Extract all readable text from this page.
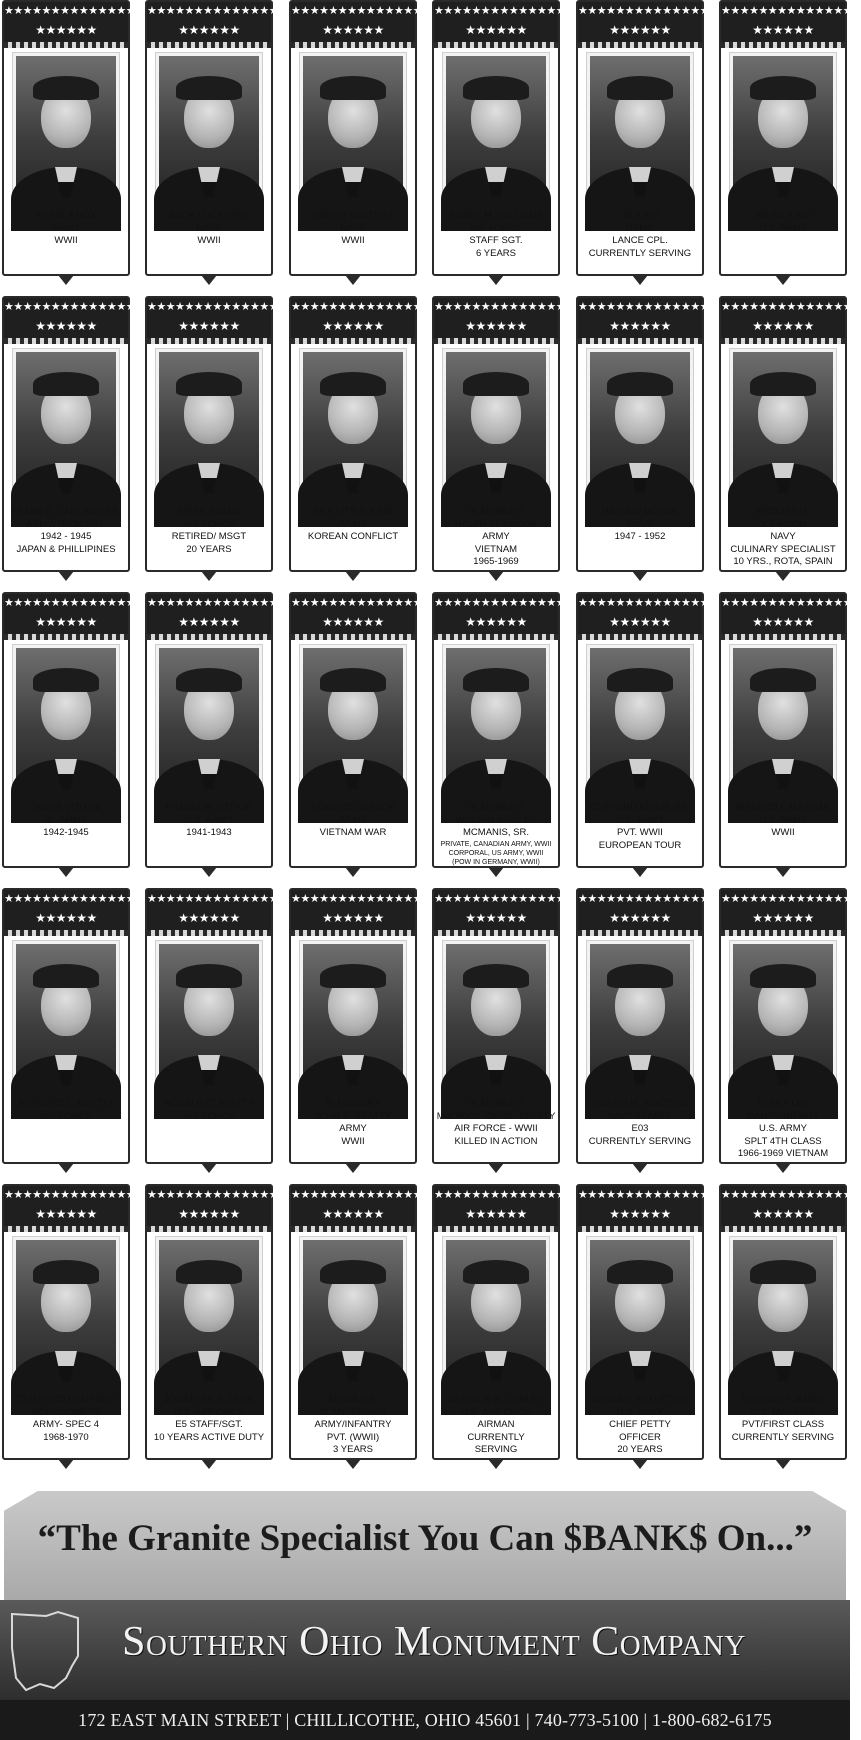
★★★★★★★★★★★★★★★
★★★★★★
PEARL KNOX
ARMY
WWII
★★★★★★★★★★★★★★★
★★★★★★
BUCK LOCKHART
NAVY
WWII
★★★★★★★★★★★★★★★
★★★★★★
HIBERT WINTERS
NAVY
WWII
★★★★★★★★★★★★★★★
★★★★★★
BOBBY M. WILLIAMS
AIR FORCE
STAFF SGT.
6 YEARS
★★★★★★★★★★★★★★★
★★★★★★
JB KING
USMC
LANCE CPL.
CURRENTLY SERVING
★★★★★★★★★★★★★★★
★★★★★★
BRIAN KING
U.S. ARMY
★★★★★★★★★★★★★★★
★★★★★★
FRANK E. CARLSON SR.
ARMY/TECH SGT.
1942 - 1945
JAPAN & PHILLIPINES
★★★★★★★★★★★★★★★
★★★★★★
BRIAN EVANS
AIR FORCE
RETIRED/ MSGT
20 YEARS
★★★★★★★★★★★★★★★
★★★★★★
REX LITTLEJOHN
ARMY
KOREAN CONFLICT
★★★★★★★★★★★★★★★
★★★★★★
IN MEMORY
RALPH SEYMOUR
ARMY
VIETNAM
1965-1969
★★★★★★★★★★★★★★★
★★★★★★
HAROLD MORSE
NAVY
1947 - 1952
★★★★★★★★★★★★★★★
★★★★★★
BROOKS H.
JOHNSON
NAVY
CULINARY SPECIALIST
10 YRS., ROTA, SPAIN
★★★★★★★★★★★★★★★
★★★★★★
JAMES VITITOE
U.. ARMY
1942-1945
★★★★★★★★★★★★★★★
★★★★★★
FRANKLIN VITITOE
U.S. ARMY
1941-1943
★★★★★★★★★★★★★★★
★★★★★★
EDWARD CUSACK
ARMY
VIETNAM WAR
★★★★★★★★★★★★★★★
★★★★★★
IN MEMORY
WILLIAM WESLEY
MCMANIS, SR.
PRIVATE, CANADIAN ARMY, WWII
CORPORAL, US ARMY, WWII
(POW IN GERMANY, WWII)
★★★★★★★★★★★★★★★
★★★★★★
CLIFFORD KISOR, SR.
U.S. ARMY
PVT. WWII
EUROPEAN TOUR
★★★★★★★★★★★★★★★
★★★★★★
WILLARD CALLAHAN
U.S. ARMY
WWII
★★★★★★★★★★★★★★★
★★★★★★
BERNARD L. BEATTY
AIR FORCE
★★★★★★★★★★★★★★★
★★★★★★
RONALD C. BEATTY
AIR FORCE
★★★★★★★★★★★★★★★
★★★★★★
IN MEMORY
JOHN R. BEATTY
ARMY
WWII
★★★★★★★★★★★★★★★
★★★★★★
IN MEMORY
MAURICE “GENE” BEATTY
AIR FORCE - WWII
KILLED IN ACTION
★★★★★★★★★★★★★★★
★★★★★★
DUSTIN M. WALTERS
NAVY SEABEE
E03
CURRENTLY SERVING
★★★★★★★★★★★★★★★
★★★★★★
TERRY LEE
CANTERBERRY
U.S. ARMY
SPLT 4TH CLASS
1966-1969 VIETNAM
★★★★★★★★★★★★★★★
★★★★★★
CLIFFORD DEMPSEY
MONTGOMERY
ARMY- SPEC 4
1968-1970
★★★★★★★★★★★★★★★
★★★★★★
JONATHAN E. LEHN
U.S. AIRFORCE
E5 STAFF/SGT.
10 YEARS ACTIVE DUTY
★★★★★★★★★★★★★★★
★★★★★★
ARNOLD E.
BLANKENSHIP
ARMY/INFANTRY
PVT. (WWII)
3 YEARS
★★★★★★★★★★★★★★★
★★★★★★
DERRICK B. CONLEY
U.S. AIRFORCE
AIRMAN
CURRENTLY
SERVING
★★★★★★★★★★★★★★★
★★★★★★
MICHAEL PELLETIER
U.S. NAVY
CHIEF PETTY
OFFICER
20 YEARS
★★★★★★★★★★★★★★★
★★★★★★
GREGORY JAMES
U.S. MARINES
PVT/FIRST CLASS
CURRENTLY SERVING
“The Granite Specialist You Can $BANK$ On...”
Southern Ohio Monument Company
172 EAST MAIN STREET | CHILLICOTHE, OHIO 45601 | 740-773-5100 | 1-800-682-6175
